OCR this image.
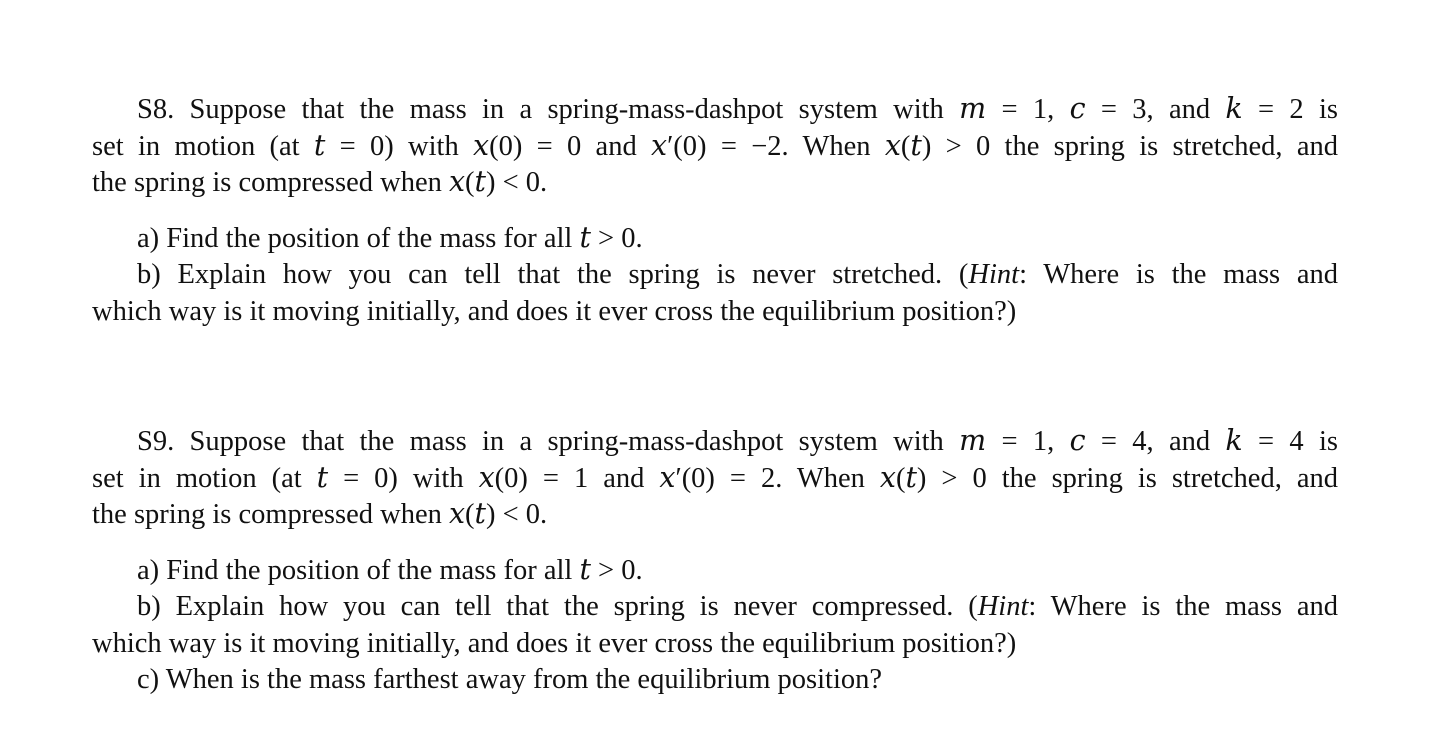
S8. Suppose that the mass in a spring-mass-dashpot system with 𝑚 = 1, 𝑐 = 3, and 𝑘 = 2 is
set in motion (at 𝑡 = 0) with 𝑥(0) = 0 and 𝑥′(0) = −2. When 𝑥(𝑡) > 0 the spring is stretched, and
the spring is compressed when 𝑥(𝑡) < 0.
a) Find the position of the mass for all 𝑡 > 0.
b) Explain how you can tell that the spring is never stretched. (Hint: Where is the mass and
which way is it moving initially, and does it ever cross the equilibrium position?)
S9. Suppose that the mass in a spring-mass-dashpot system with 𝑚 = 1, 𝑐 = 4, and 𝑘 = 4 is
set in motion (at 𝑡 = 0) with 𝑥(0) = 1 and 𝑥′(0) = 2. When 𝑥(𝑡) > 0 the spring is stretched, and
the spring is compressed when 𝑥(𝑡) < 0.
a) Find the position of the mass for all 𝑡 > 0.
b) Explain how you can tell that the spring is never compressed. (Hint: Where is the mass and
which way is it moving initially, and does it ever cross the equilibrium position?)
c) When is the mass farthest away from the equilibrium position?
